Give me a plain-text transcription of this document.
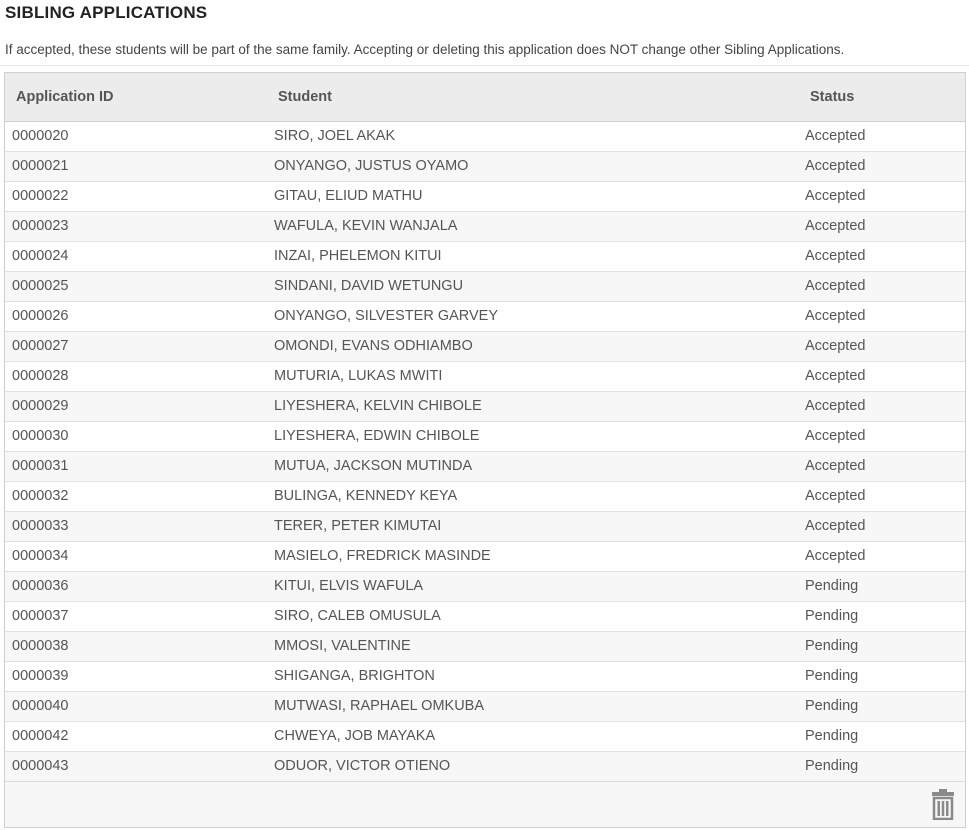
SIBLING APPLICATIONS
If accepted, these students will be part of the same family. Accepting or deleting this application does NOT change other Sibling Applications.
Application ID	Student	Status
0000020	SIRO, JOEL AKAK	Accepted
0000021	ONYANGO, JUSTUS OYAMO	Accepted
0000022	GITAU, ELIUD MATHU	Accepted
0000023	WAFULA, KEVIN WANJALA	Accepted
0000024	INZAI, PHELEMON KITUI	Accepted
0000025	SINDANI, DAVID WETUNGU	Accepted
0000026	ONYANGO, SILVESTER GARVEY	Accepted
0000027	OMONDI, EVANS ODHIAMBO	Accepted
0000028	MUTURIA, LUKAS MWITI	Accepted
0000029	LIYESHERA, KELVIN CHIBOLE	Accepted
0000030	LIYESHERA, EDWIN CHIBOLE	Accepted
0000031	MUTUA, JACKSON MUTINDA	Accepted
0000032	BULINGA, KENNEDY KEYA	Accepted
0000033	TERER, PETER KIMUTAI	Accepted
0000034	MASIELO, FREDRICK MASINDE	Accepted
0000036	KITUI, ELVIS WAFULA	Pending
0000037	SIRO, CALEB OMUSULA	Pending
0000038	MMOSI, VALENTINE	Pending
0000039	SHIGANGA, BRIGHTON	Pending
0000040	MUTWASI, RAPHAEL OMKUBA	Pending
0000042	CHWEYA, JOB MAYAKA	Pending
0000043	ODUOR, VICTOR OTIENO	Pending
